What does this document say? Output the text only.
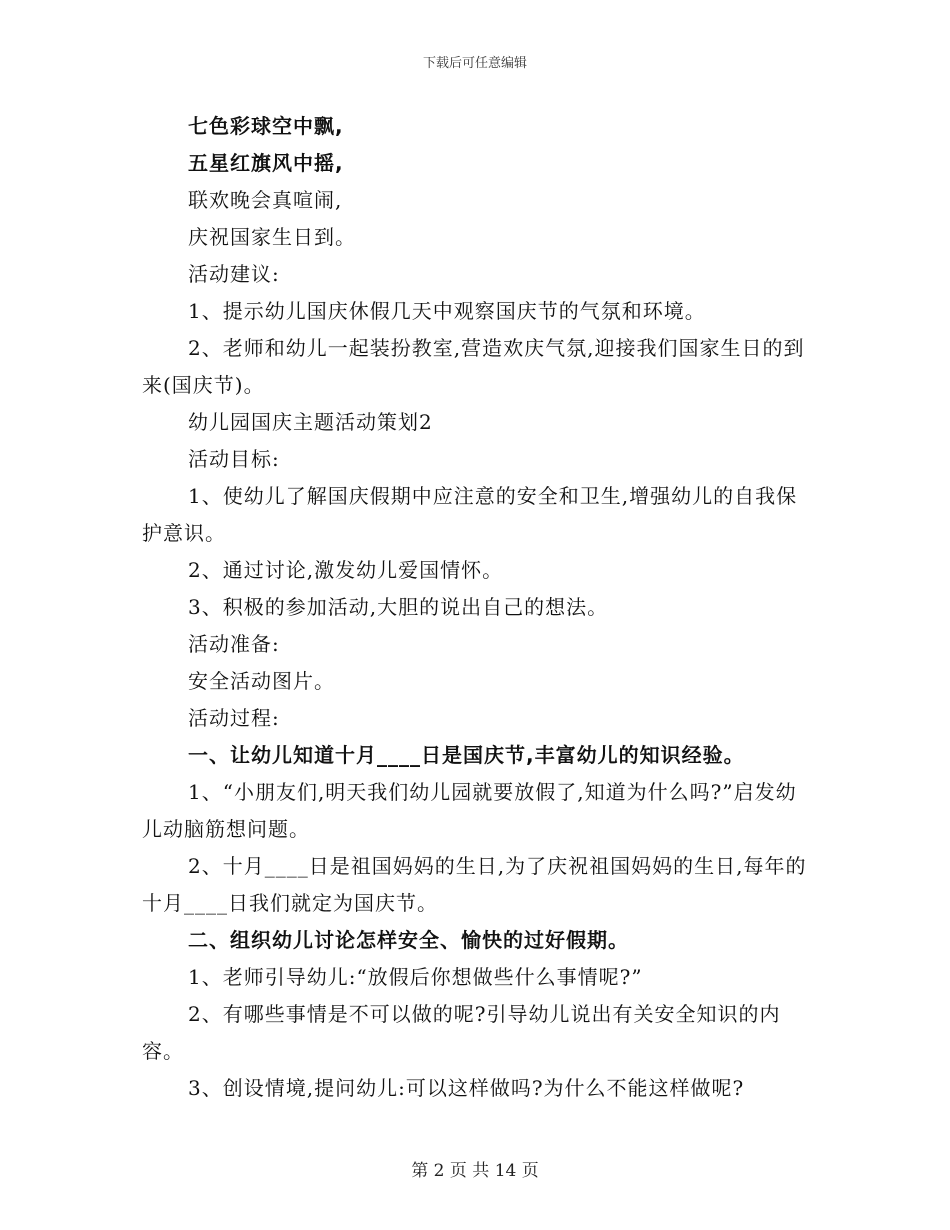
下载后可任意编辑

七色彩球空中飘,

五星红旗风中摇,

联欢晚会真喧闹,

庆祝国家生日到。

活动建议:

1、提示幼儿国庆休假几天中观察国庆节的气氛和环境。

2、老师和幼儿一起装扮教室,营造欢庆气氛,迎接我们国家生日的到来(国庆节)。

幼儿园国庆主题活动策划2

活动目标:

1、使幼儿了解国庆假期中应注意的安全和卫生,增强幼儿的自我保护意识。

2、通过讨论,激发幼儿爱国情怀。

3、积极的参加活动,大胆的说出自己的想法。

活动准备:

安全活动图片。

活动过程:

一、让幼儿知道十月____日是国庆节,丰富幼儿的知识经验。

1、“小朋友们,明天我们幼儿园就要放假了,知道为什么吗?”启发幼儿动脑筋想问题。

2、十月____日是祖国妈妈的生日,为了庆祝祖国妈妈的生日,每年的十月____日我们就定为国庆节。

二、组织幼儿讨论怎样安全、愉快的过好假期。

1、老师引导幼儿:“放假后你想做些什么事情呢?”

2、有哪些事情是不可以做的呢?引导幼儿说出有关安全知识的内容。

3、创设情境,提问幼儿:可以这样做吗?为什么不能这样做呢?

第 2 页 共 14 页
